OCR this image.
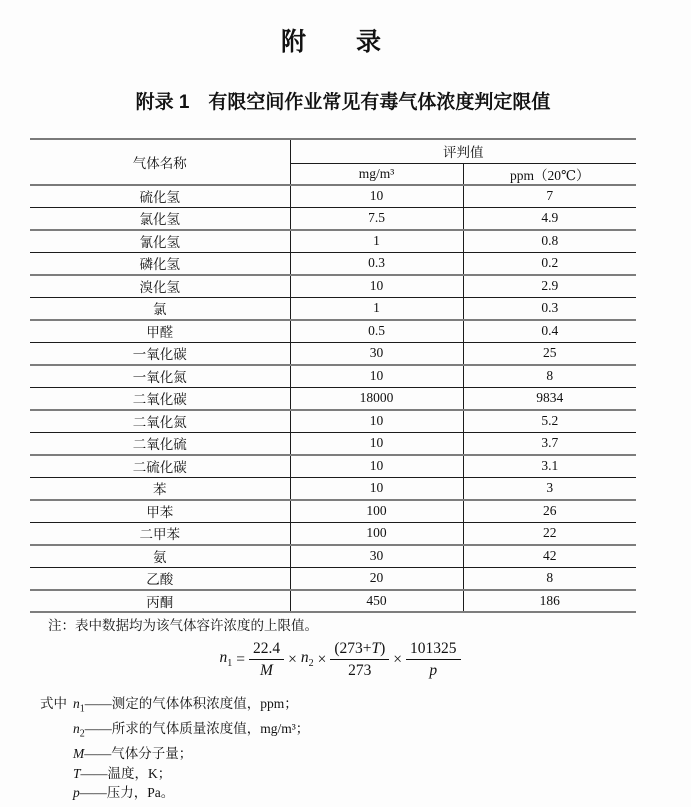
附　　录
附录 1　有限空间作业常见有毒气体浓度判定限值
气体名称	评判值	
	mg/m³	ppm（20℃）
硫化氢	10	7
氯化氢	7.5	4.9
氰化氢	1	0.8
磷化氢	0.3	0.2
溴化氢	10	2.9
氯	1	0.3
甲醛	0.5	0.4
一氧化碳	30	25
一氧化氮	10	8
二氧化碳	18000	9834
二氧化氮	10	5.2
二氧化硫	10	3.7
二硫化碳	10	3.1
苯	10	3
甲苯	100	26
二甲苯	100	22
氨	30	42
乙酸	20	8
丙酮	450	186
注：表中数据均为该气体容许浓度的上限值。
$n_1 = \frac{22.4}{M} \times n_2 \times \frac{(273+T)}{273} \times \frac{101325}{p}$
式中 $n_1——$测定的气体体积浓度值，ppm；
$n_2——$所求的气体质量浓度值，mg/m³；
M——气体分子量；
T——温度，K；
p——压力，Pa。
